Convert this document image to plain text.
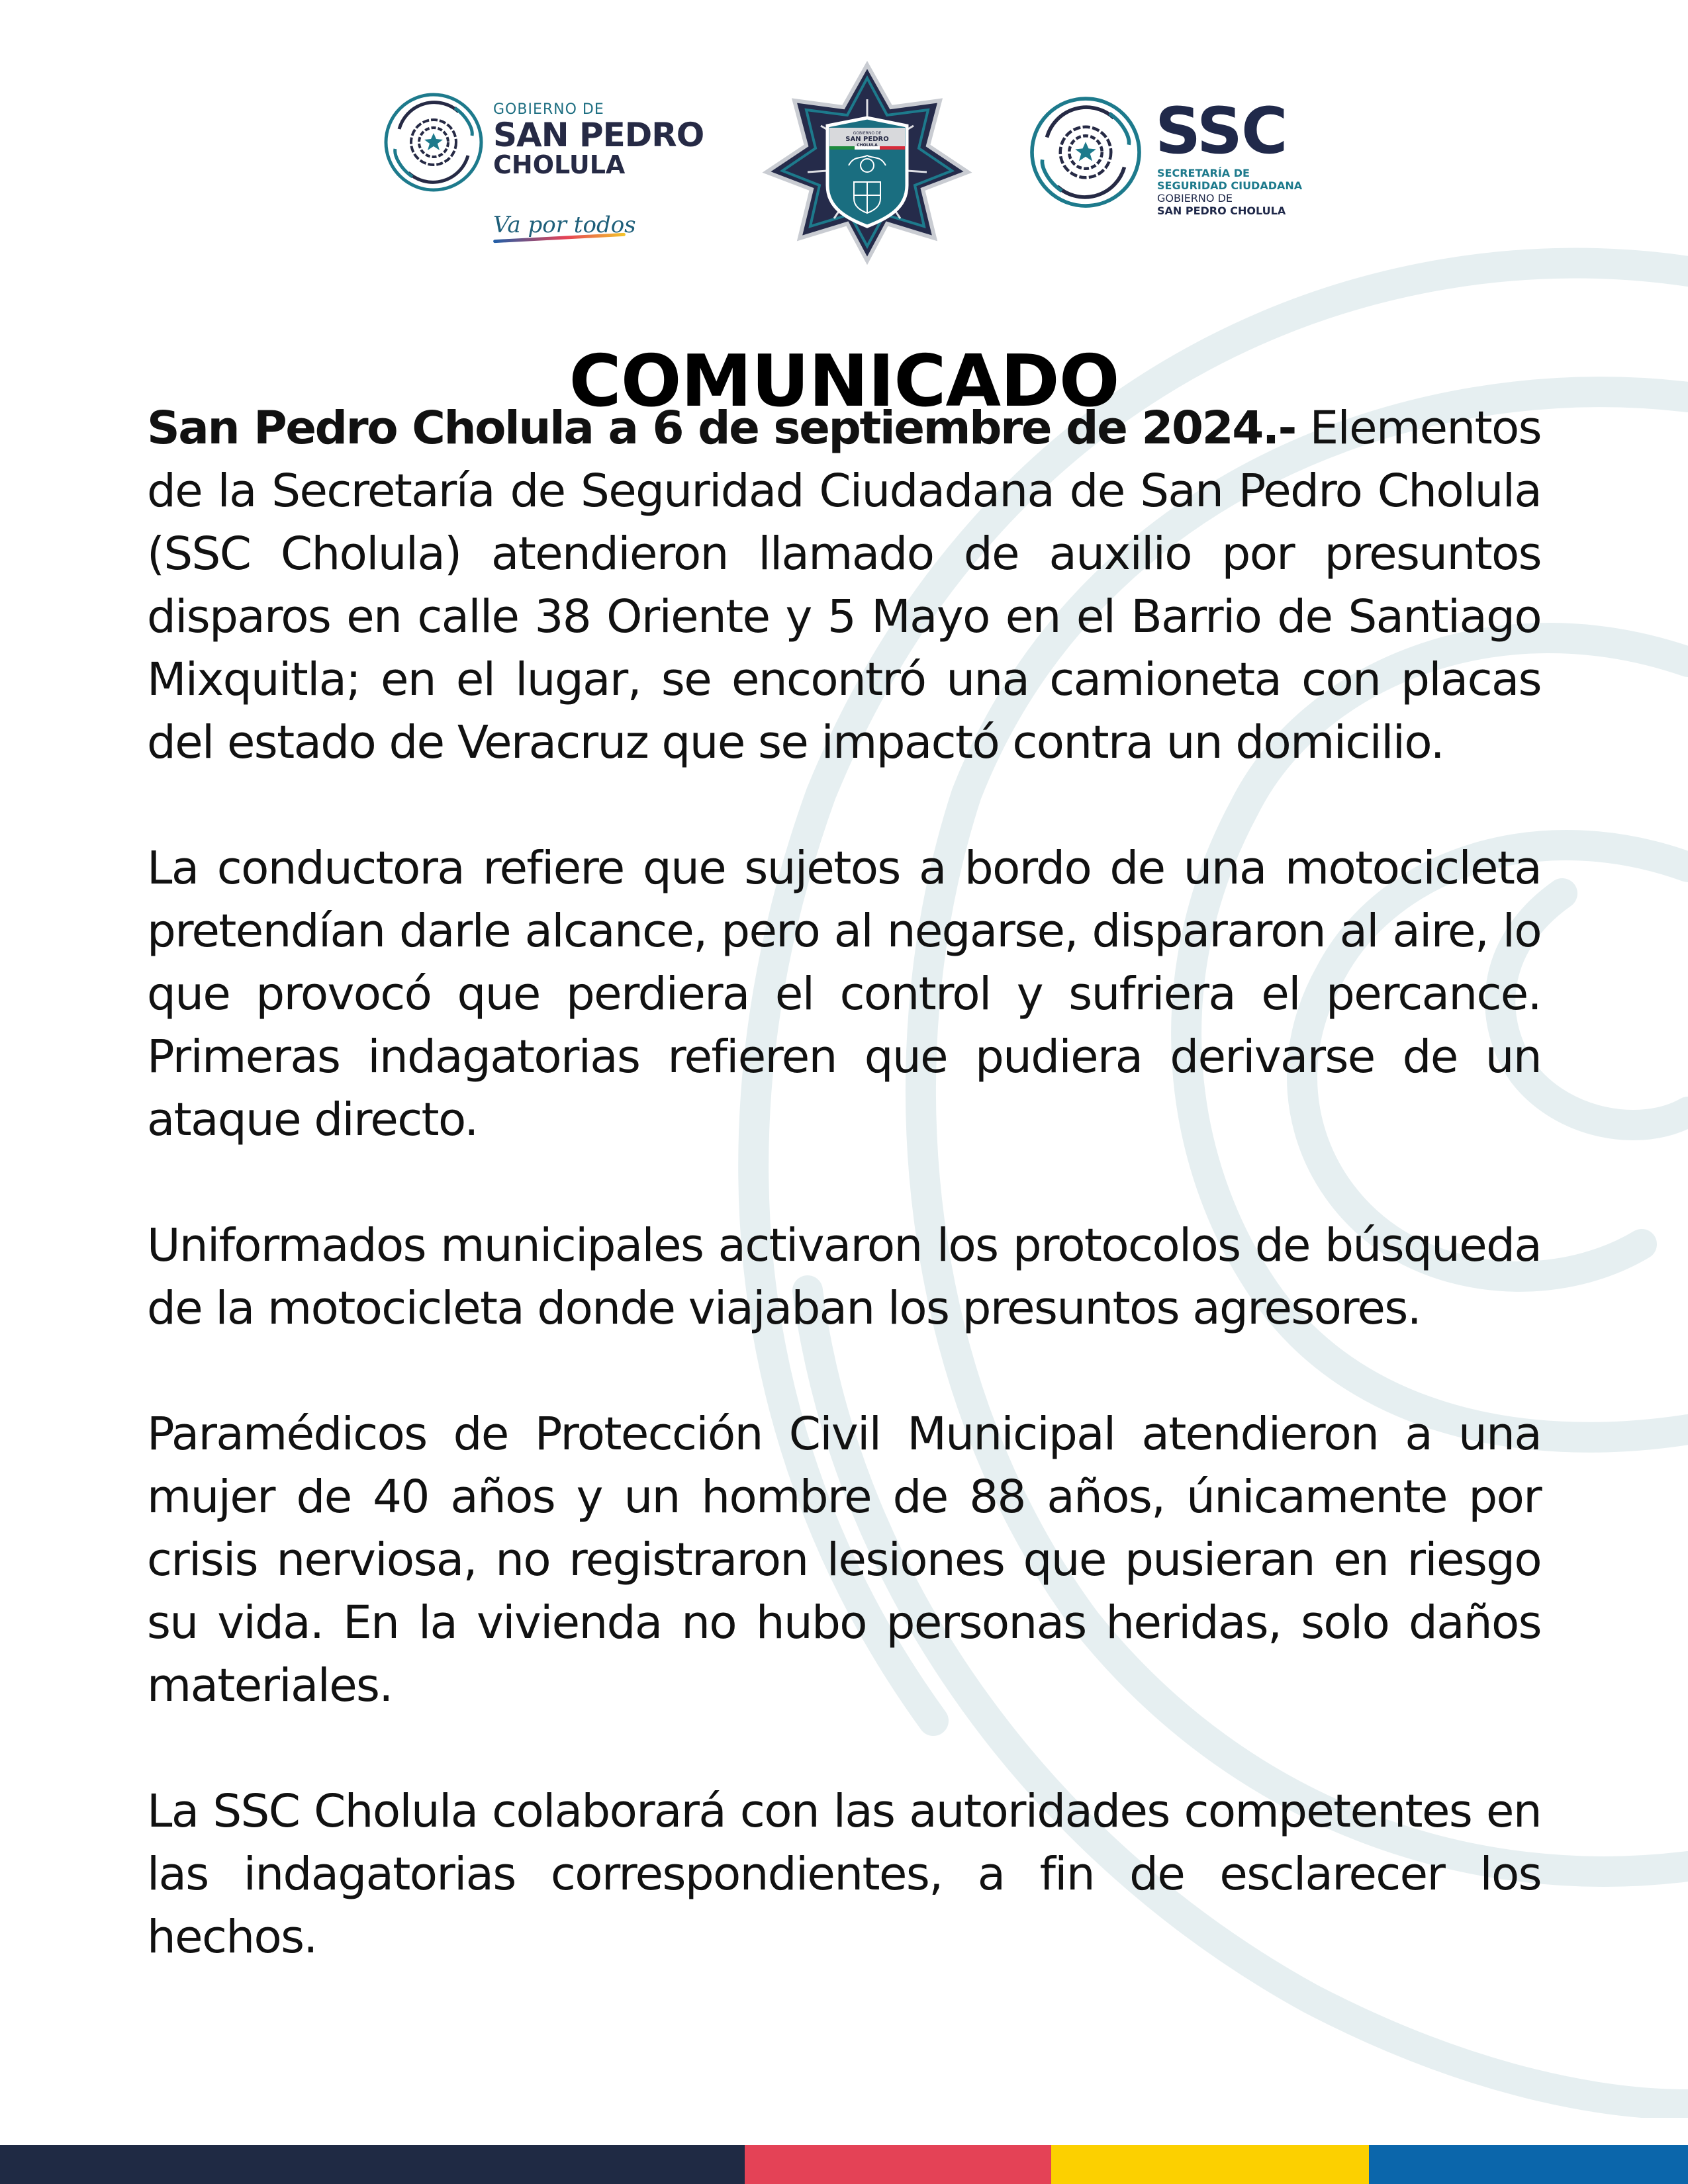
GOBIERNO DE
SAN PEDRO
CHOLULA
Va por todos
GOBIERNO DE
SAN PEDRO
CHOLULA	SSC
SECRETARÍA DE
SEGURIDAD CIUDADANA
GOBIERNO DE
SAN PEDRO CHOLULA
COMUNICADO

San Pedro Cholula a 6 de septiembre de 2024.- Elementos de la Secretaría de Seguridad Ciudadana de San Pedro Cholula (SSC Cholula) atendieron llamado de auxilio por presuntos disparos en calle 38 Oriente y 5 Mayo en el Barrio de Santiago Mixquitla; en el lugar, se encontró una camioneta con placas del estado de Veracruz que se impactó contra un domicilio.

La conductora refiere que sujetos a bordo de una motocicleta pretendían darle alcance, pero al negarse, dispararon al aire, lo que provocó que perdiera el control y sufriera el percance. Primeras indagatorias refieren que pudiera derivarse de un ataque directo.

Uniformados municipales activaron los protocolos de búsqueda de la motocicleta donde viajaban los presuntos agresores.

Paramédicos de Protección Civil Municipal atendieron a una mujer de 40 años y un hombre de 88 años, únicamente por crisis nerviosa, no registraron lesiones que pusieran en riesgo su vida. En la vivienda no hubo personas heridas, solo daños materiales.

La SSC Cholula colaborará con las autoridades competentes en las indagatorias correspondientes, a fin de esclarecer los hechos.
